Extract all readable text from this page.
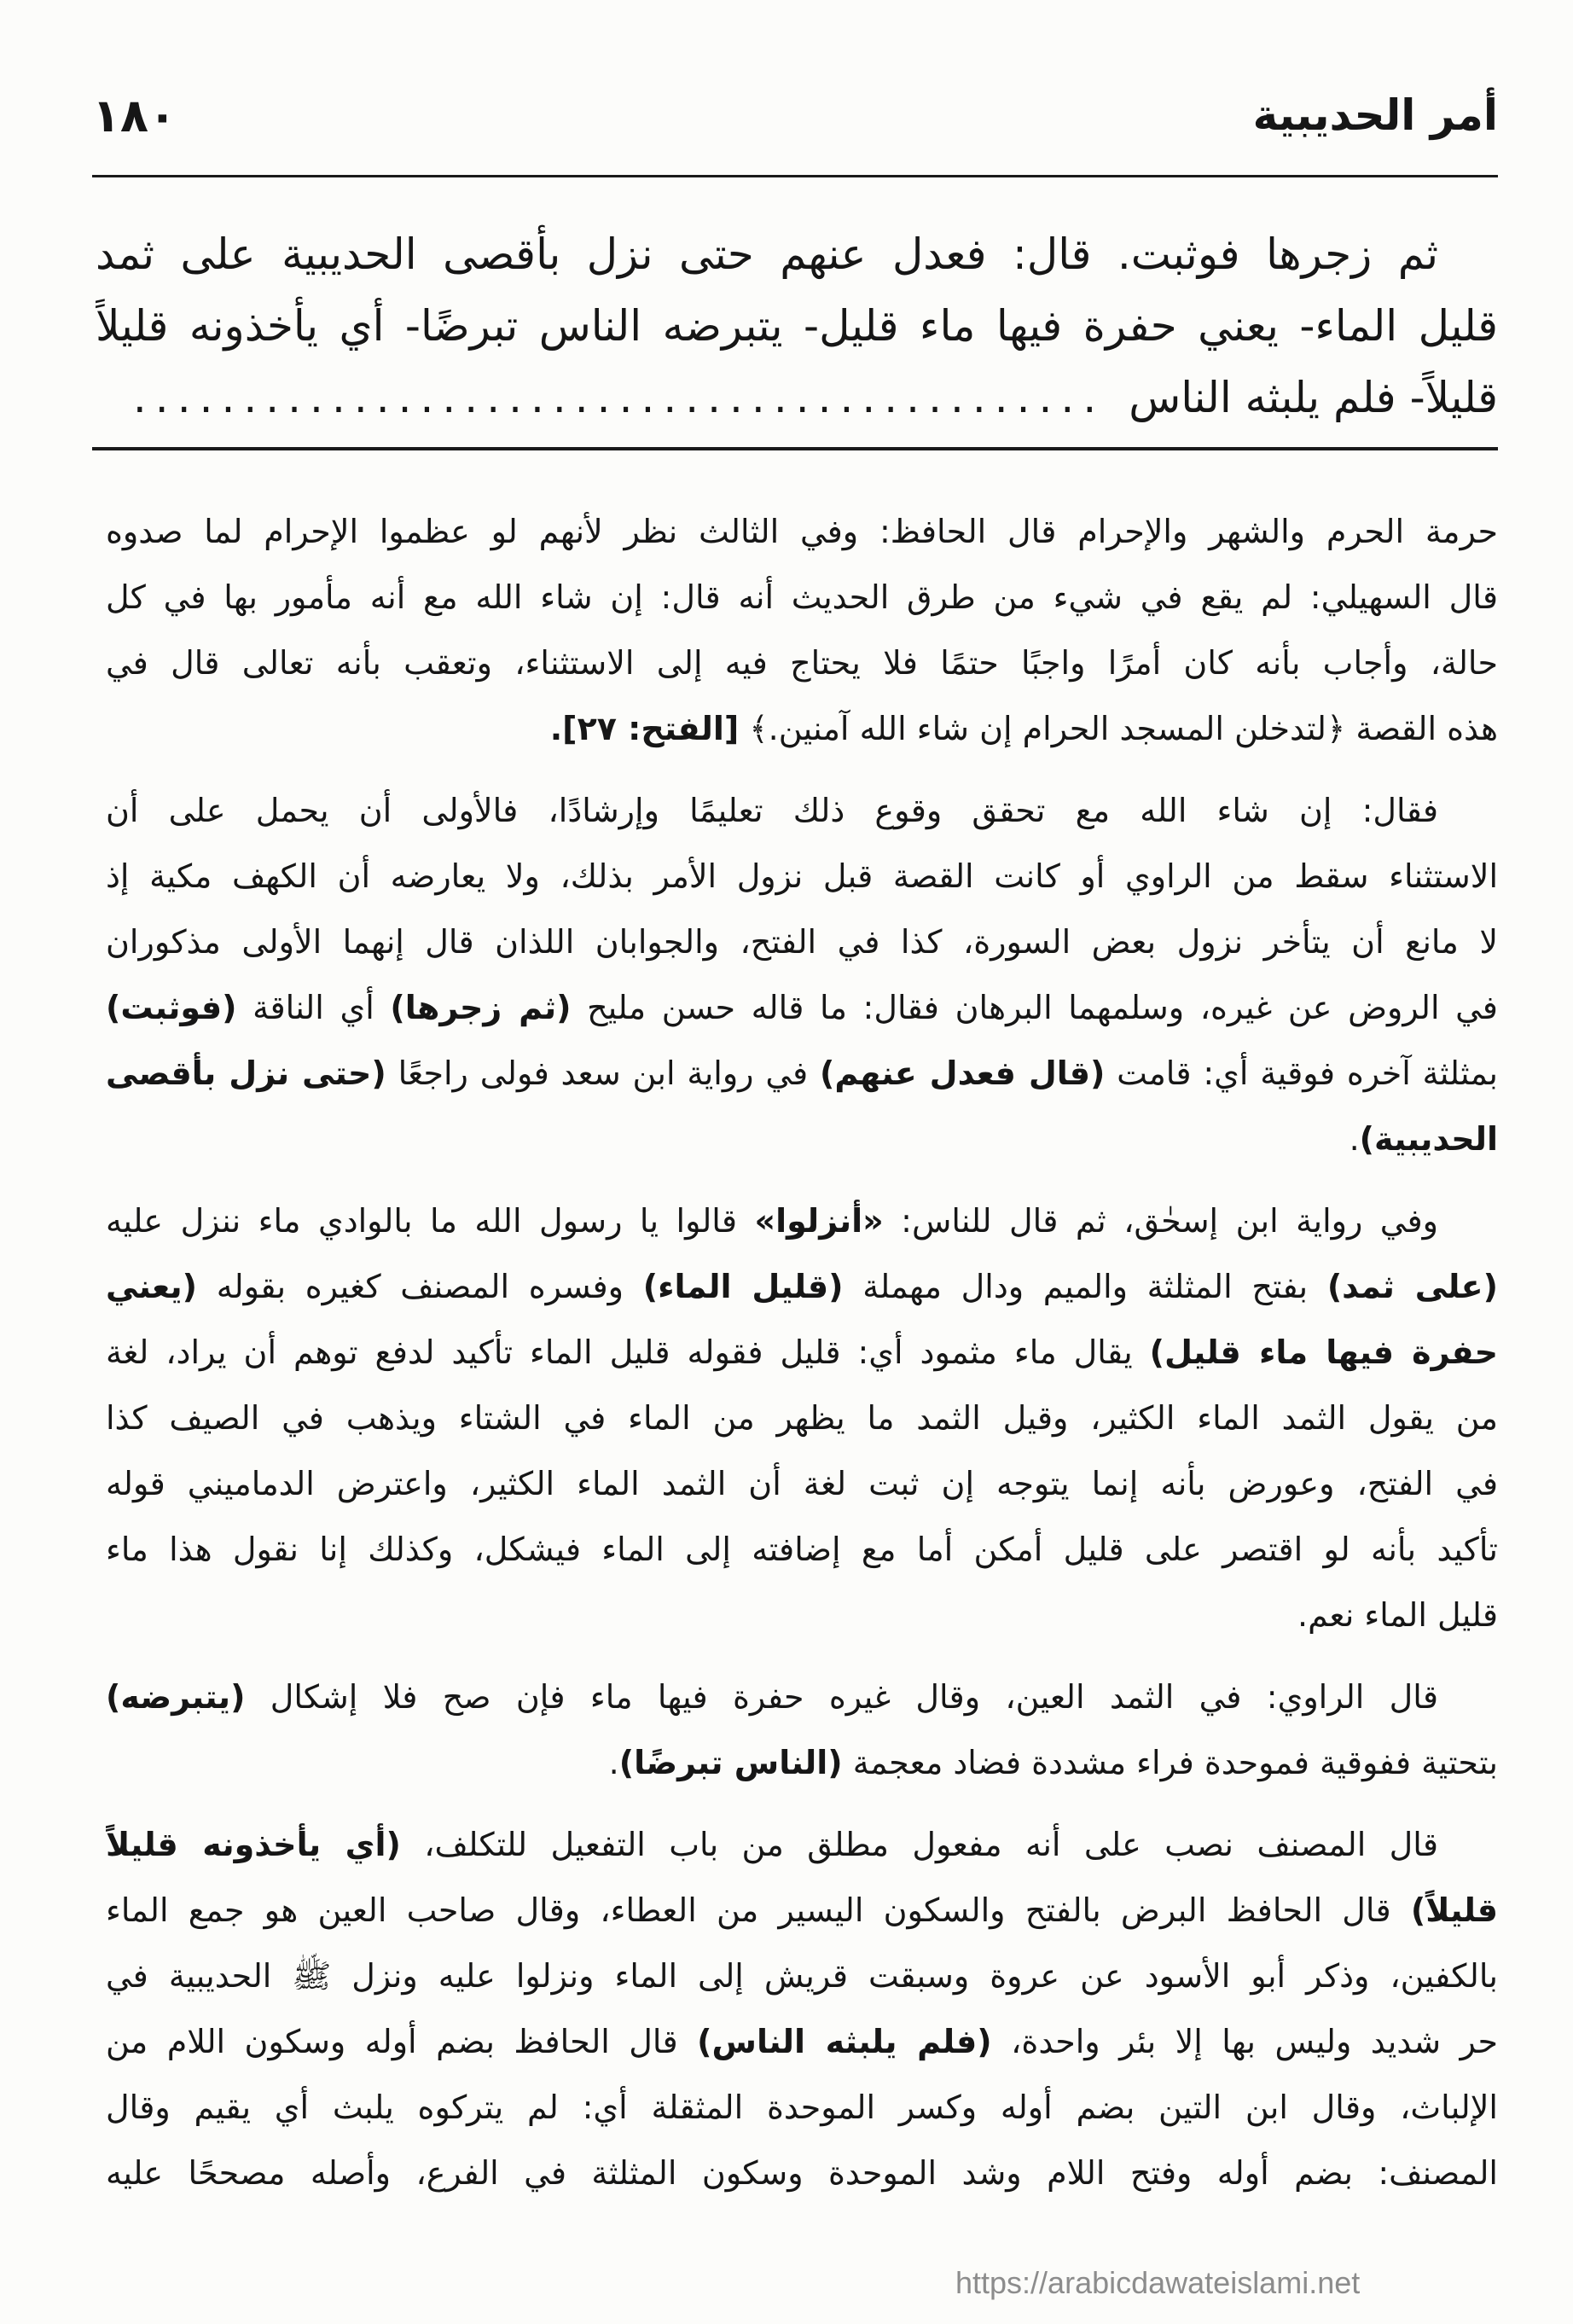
أمر الحديبية
١٨٠
ثم زجرها فوثبت. قال: فعدل عنهم حتى نزل بأقصى الحديبية على ثمد
قليل الماء- يعني حفرة فيها ماء قليل- يتبرضه الناس تبرضًا- أي يأخذونه قليلاً
قليلاً- فلم يلبثه الناس
............................................
حرمة الحرم والشهر والإحرام قال الحافظ: وفي الثالث نظر لأنهم لو عظموا الإحرام لما صدوه
قال السهيلي: لم يقع في شيء من طرق الحديث أنه قال: إن شاء الله مع أنه مأمور بها في كل
حالة، وأجاب بأنه كان أمرًا واجبًا حتمًا فلا يحتاج فيه إلى الاستثناء، وتعقب بأنه تعالى قال في
هذه القصة ﴿لتدخلن المسجد الحرام إن شاء الله آمنين.﴾ [الفتح: ٢٧].
فقال: إن شاء الله مع تحقق وقوع ذلك تعليمًا وإرشادًا، فالأولى أن يحمل على أن
الاستثناء سقط من الراوي أو كانت القصة قبل نزول الأمر بذلك، ولا يعارضه أن الكهف مكية إذ
لا مانع أن يتأخر نزول بعض السورة، كذا في الفتح، والجوابان اللذان قال إنهما الأولى مذكوران
في الروض عن غيره، وسلمهما البرهان فقال: ما قاله حسن مليح (ثم زجرها) أي الناقة (فوثبت)
بمثلثة آخره فوقية أي: قامت (قال فعدل عنهم) في رواية ابن سعد فولى راجعًا (حتى نزل بأقصى
الحديبية).
وفي رواية ابن إسحٰق، ثم قال للناس: «أنزلوا» قالوا يا رسول الله ما بالوادي ماء ننزل عليه
(على ثمد) بفتح المثلثة والميم ودال مهملة (قليل الماء) وفسره المصنف كغيره بقوله (يعني
حفرة فيها ماء قليل) يقال ماء مثمود أي: قليل فقوله قليل الماء تأكيد لدفع توهم أن يراد، لغة
من يقول الثمد الماء الكثير، وقيل الثمد ما يظهر من الماء في الشتاء ويذهب في الصيف كذا
في الفتح، وعورض بأنه إنما يتوجه إن ثبت لغة أن الثمد الماء الكثير، واعترض الدماميني قوله
تأكيد بأنه لو اقتصر على قليل أمكن أما مع إضافته إلى الماء فيشكل، وكذلك إنا نقول هذا ماء
قليل الماء نعم.
قال الراوي: في الثمد العين، وقال غيره حفرة فيها ماء فإن صح فلا إشكال (يتبرضه)
بتحتية ففوقية فموحدة فراء مشددة فضاد معجمة (الناس تبرضًا).
قال المصنف نصب على أنه مفعول مطلق من باب التفعيل للتكلف، (أي يأخذونه قليلاً
قليلاً) قال الحافظ البرض بالفتح والسكون اليسير من العطاء، وقال صاحب العين هو جمع الماء
بالكفين، وذكر أبو الأسود عن عروة وسبقت قريش إلى الماء ونزلوا عليه ونزل ﷺ الحديبية في
حر شديد وليس بها إلا بئر واحدة، (فلم يلبثه الناس) قال الحافظ بضم أوله وسكون اللام من
الإلباث، وقال ابن التين بضم أوله وكسر الموحدة المثقلة أي: لم يتركوه يلبث أي يقيم وقال
المصنف: بضم أوله وفتح اللام وشد الموحدة وسكون المثلثة في الفرع، وأصله مصححًا عليه
https://arabicdawateislami.net
